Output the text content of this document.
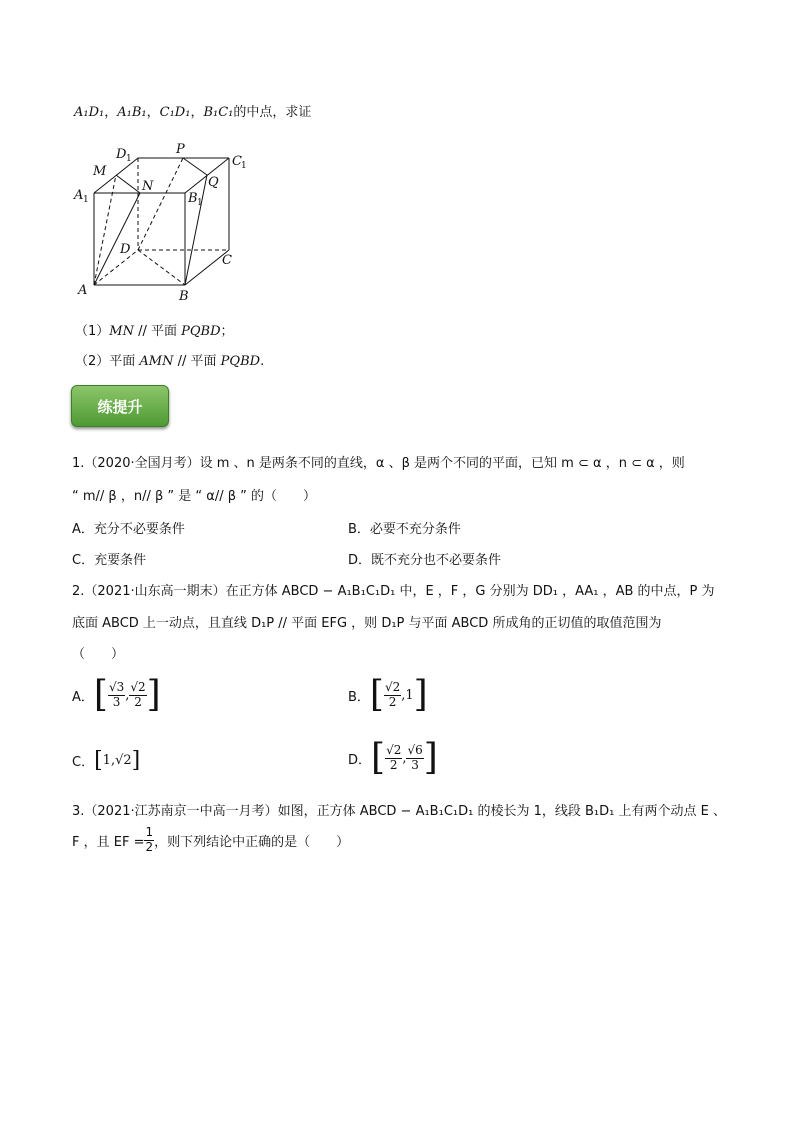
A₁D₁，A₁B₁，C₁D₁，B₁C₁的中点，求证
M
D 1
P
C 1
A 1
N
B 1
Q
D
C
A	B
（1）MN // 平面 PQBD；
（2）平面 AMN // 平面 PQBD.
练提升
1.（2020·全国月考）设 m 、n 是两条不同的直线，α 、β 是两个不同的平面，已知 m ⊂ α ，n ⊂ α ，则
“ m// β ，n// β ” 是 “ α// β ” 的（　　）
A．充分不必要条件	B．必要不充分条件
C．充要条件	D．既不充分也不必要条件
2.（2021·山东高一期末）在正方体 ABCD − A₁B₁C₁D₁ 中，E ，F ，G 分别为 DD₁ ，AA₁ ，AB 的中点，P 为
底面 ABCD 上一动点，且直线 D₁P // 平面 EFG ，则 D₁P 与平面 ABCD 所成角的正切值的取值范围为
（　　）
A． [ $\frac{√3}{3}$ , $\frac{√2}{2}$ ]	B． [ $\frac{√2}{2}$ , 1 ]
C． [ 1 , √2 ]	D． [ $\frac{√2}{2}$ , $\frac{√6}{3}$ ]
3.（2021·江苏南京一中高一月考）如图，正方体 ABCD − A₁B₁C₁D₁ 的棱长为 1，线段 B₁D₁ 上有两个动点 E 、
F ，且 EF = $\frac{1}{2}$ ，则下列结论中正确的是（　　）
